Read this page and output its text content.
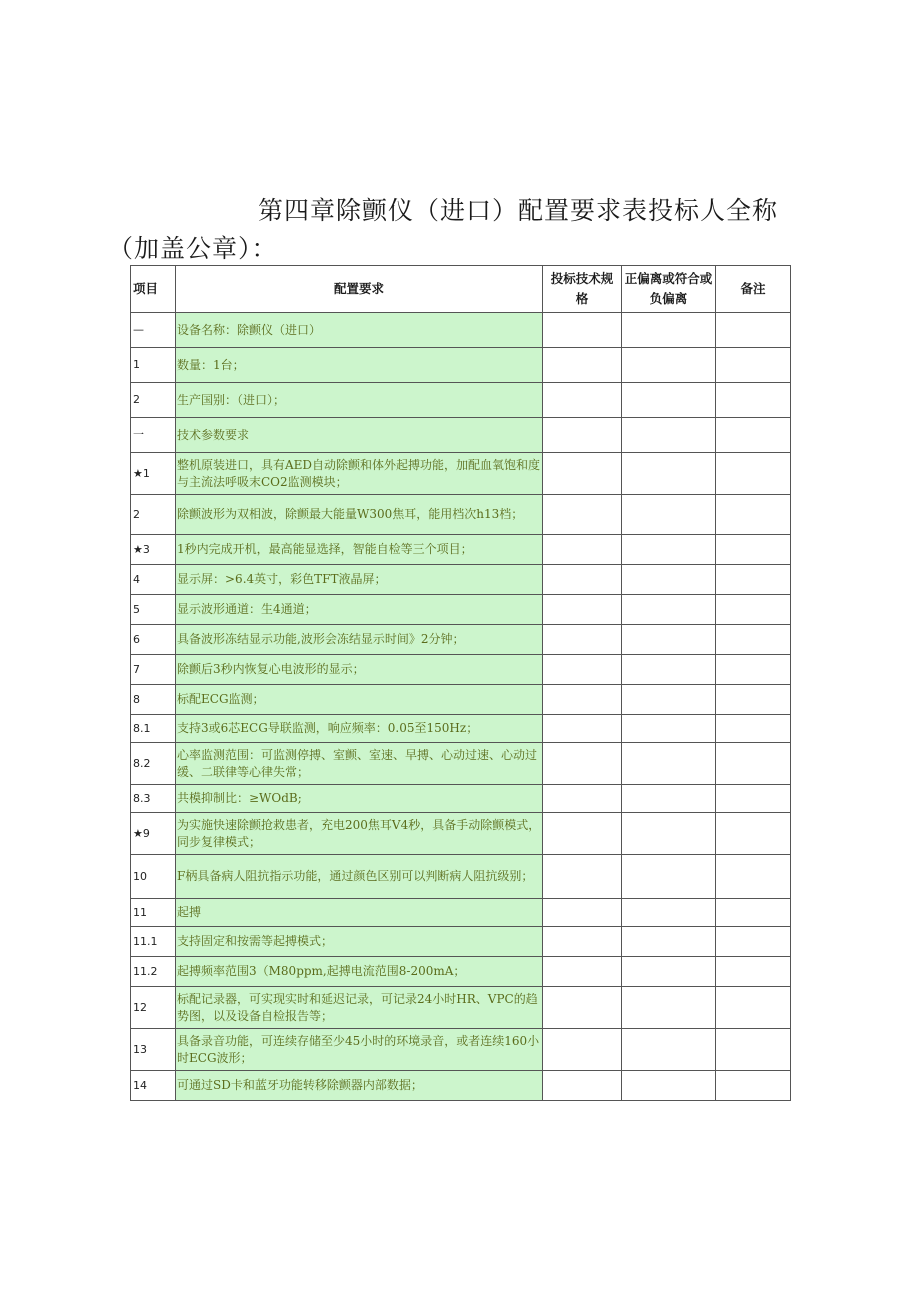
第四章除颤仪（进口）配置要求表投标人全称（加盖公章）：
项目	配置要求	投标技术规格	正偏离或符合或负偏离	备注
—	设备名称：除颤仪（进口）			
1	数量：1台；			
2	生产国别：（进口）；			
一	技术参数要求			
★1	整机原装进口，具有AED自动除颤和体外起搏功能，加配血氧饱和度与主流法呼吸末CO2监测模块；			
2	除颤波形为双相波，除颤最大能量W300焦耳，能用档次h13档；			
★3	1秒内完成开机，最高能显选择，智能自检等三个项目；			
4	显示屏：>6.4英寸，彩色TFT液晶屏；			
5	显示波形通道：生4通道；			
6	具备波形冻结显示功能,波形会冻结显示时间》2分钟；			
7	除颤后3秒内恢复心电波形的显示；			
8	标配ECG监测；			
8.1	支持3或6芯ECG导联监测，响应频率：0.05至150Hz；			
8.2	心率监测范围：可监测停搏、室颤、室速、早搏、心动过速、心动过缓、二联律等心律失常；			
8.3	共模抑制比：≥WOdB;			
★9	为实施快速除颤抢救患者，充电200焦耳V4秒，具备手动除颤模式，同步复律模式；			
10	F柄具备病人阻抗指示功能，通过颜色区别可以判断病人阻抗级别；			
11	起搏			
11.1	支持固定和按需等起搏模式；			
11.2	起搏频率范围3（M80ppm,起搏电流范围8-200mA；			
12	标配记录器，可实现实时和延迟记录，可记录24小时HR、VPC的趋势图，以及设备自检报告等；			
13	具备录音功能，可连续存储至少45小时的环境录音，或者连续160小时ECG波形；			
14	可通过SD卡和蓝牙功能转移除颤器内部数据；			
